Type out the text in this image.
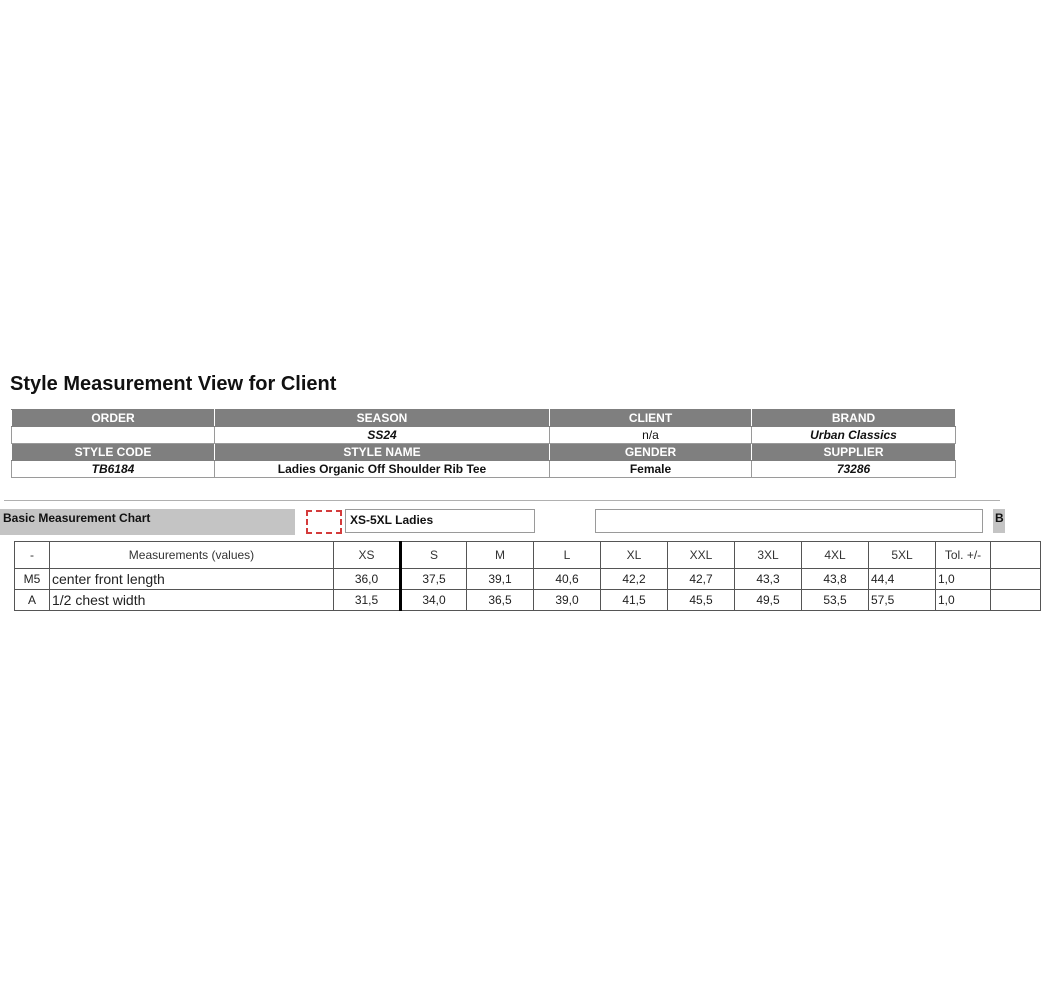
Style Measurement View for Client
ORDER	SEASON	CLIENT	BRAND
	SS24	n/a	Urban Classics
STYLE CODE	STYLE NAME	GENDER	SUPPLIER
TB6184	Ladies Organic Off Shoulder Rib Tee	Female	73286
Basic Measurement Chart	XS-5XL Ladies	B
-	Measurements (values)	XS	S	M	L	XL	XXL	3XL	4XL	5XL	Tol. +/-	
M5	center front length	36,0	37,5	39,1	40,6	42,2	42,7	43,3	43,8	44,4	1,0	
A	1/2 chest width	31,5	34,0	36,5	39,0	41,5	45,5	49,5	53,5	57,5	1,0	
